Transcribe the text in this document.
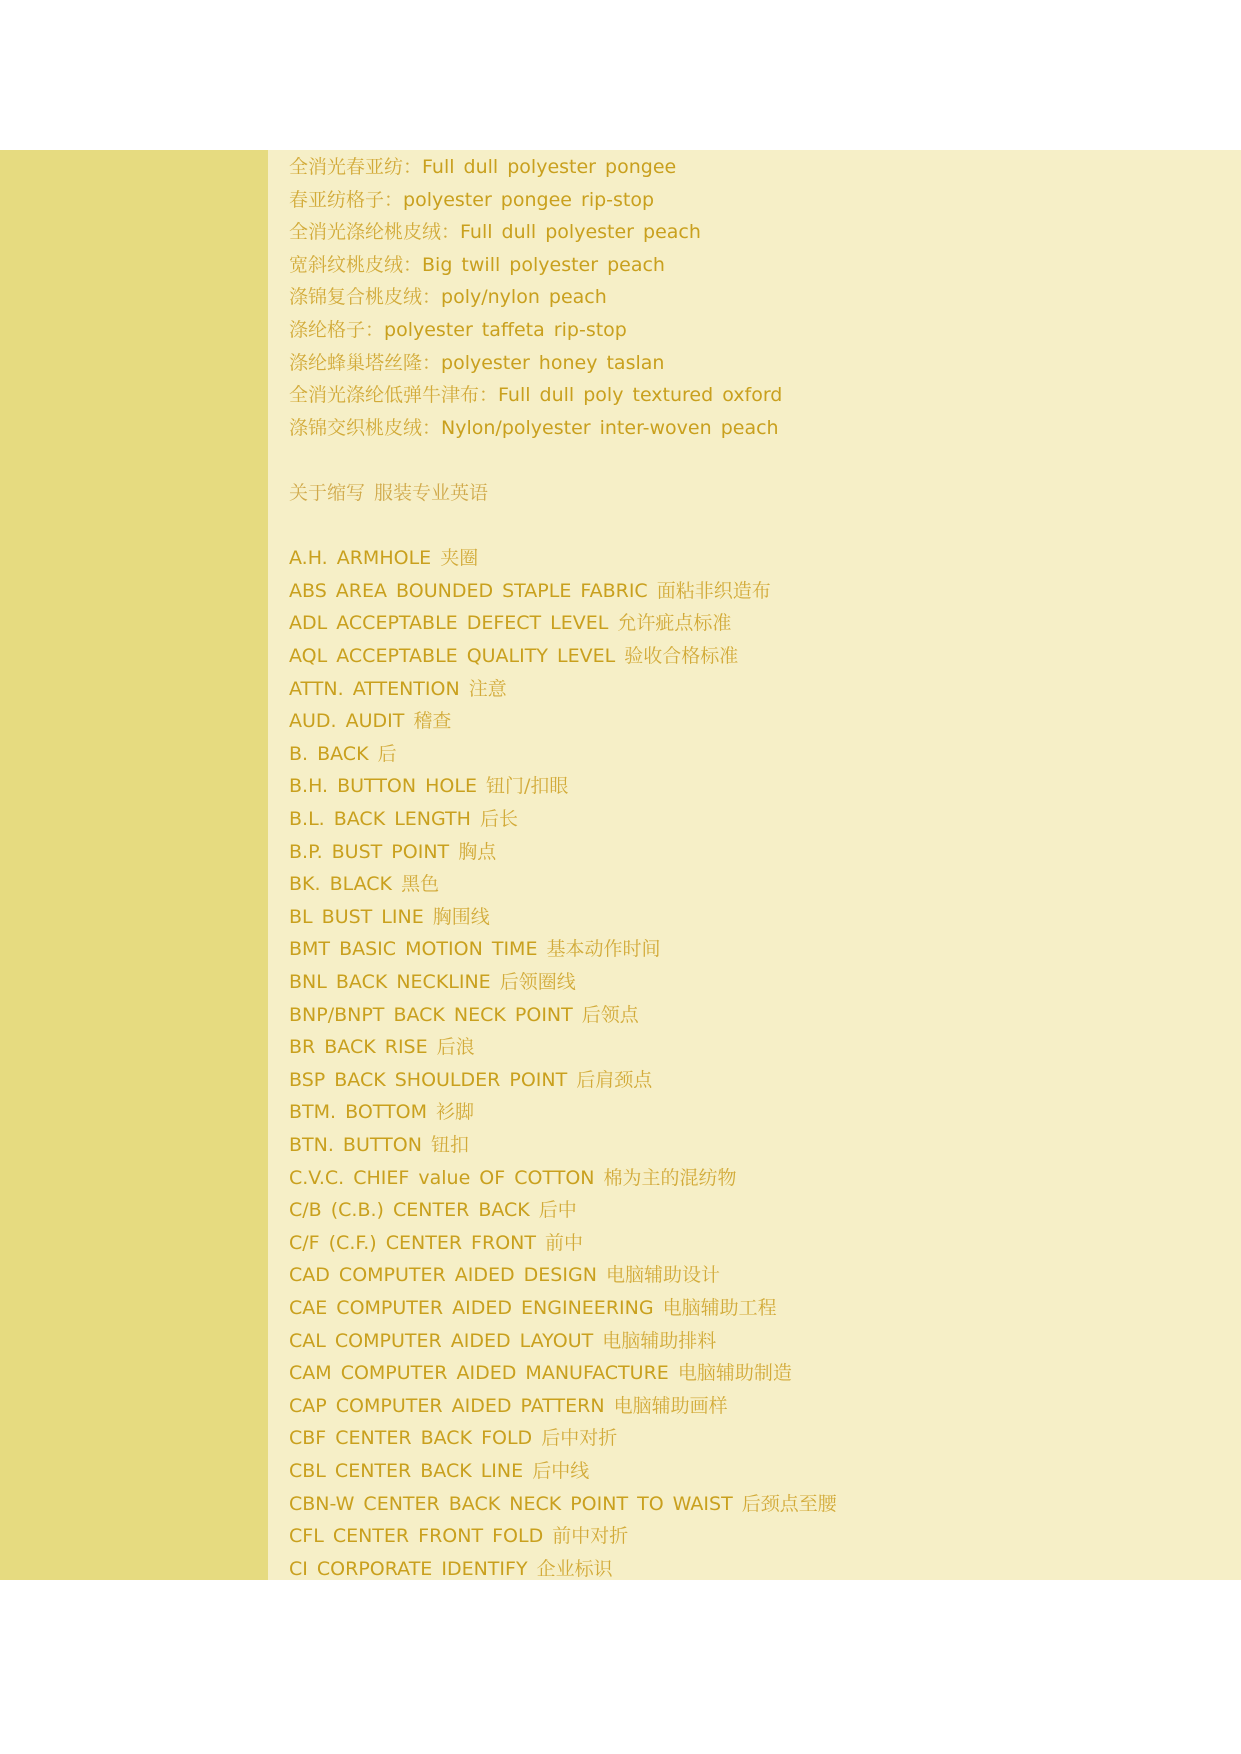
关于缩写 服装专业英语
全消光春亚纺：Full dull polyester pongee
春亚纺格子：polyester pongee rip-stop
全消光涤纶桃皮绒：Full dull polyester peach
宽斜纹桃皮绒：Big twill polyester peach
涤锦复合桃皮绒：poly/nylon peach
涤纶格子：polyester taffeta rip-stop
涤纶蜂巢塔丝隆：polyester honey taslan
全消光涤纶低弹牛津布：Full dull poly textured oxford
涤锦交织桃皮绒：Nylon/polyester inter-woven peach
A.H. ARMHOLE 夹圈
ABS AREA BOUNDED STAPLE FABRIC 面粘非织造布
ADL ACCEPTABLE DEFECT LEVEL 允许疵点标准
AQL ACCEPTABLE QUALITY LEVEL 验收合格标准
ATTN. ATTENTION 注意
AUD. AUDIT 稽查
B. BACK 后
B.H. BUTTON HOLE 钮门/扣眼
B.L. BACK LENGTH 后长
B.P. BUST POINT 胸点
BK. BLACK 黑色
BL BUST LINE 胸围线
BMT BASIC MOTION TIME 基本动作时间
BNL BACK NECKLINE 后领圈线
BNP/BNPT BACK NECK POINT 后领点
BR BACK RISE 后浪
BSP BACK SHOULDER POINT 后肩颈点
BTM. BOTTOM 衫脚
BTN. BUTTON 钮扣
C.V.C. CHIEF value OF COTTON 棉为主的混纺物
C/B (C.B.) CENTER BACK 后中
C/F (C.F.) CENTER FRONT 前中
CAD COMPUTER AIDED DESIGN 电脑辅助设计
CAE COMPUTER AIDED ENGINEERING 电脑辅助工程
CAL COMPUTER AIDED LAYOUT 电脑辅助排料
CAM COMPUTER AIDED MANUFACTURE 电脑辅助制造
CAP COMPUTER AIDED PATTERN 电脑辅助画样
CBF CENTER BACK FOLD 后中对折
CBL CENTER BACK LINE 后中线
CBN-W CENTER BACK NECK POINT TO WAIST 后颈点至腰
CFL CENTER FRONT FOLD 前中对折
CI CORPORATE IDENTIFY 企业标识
